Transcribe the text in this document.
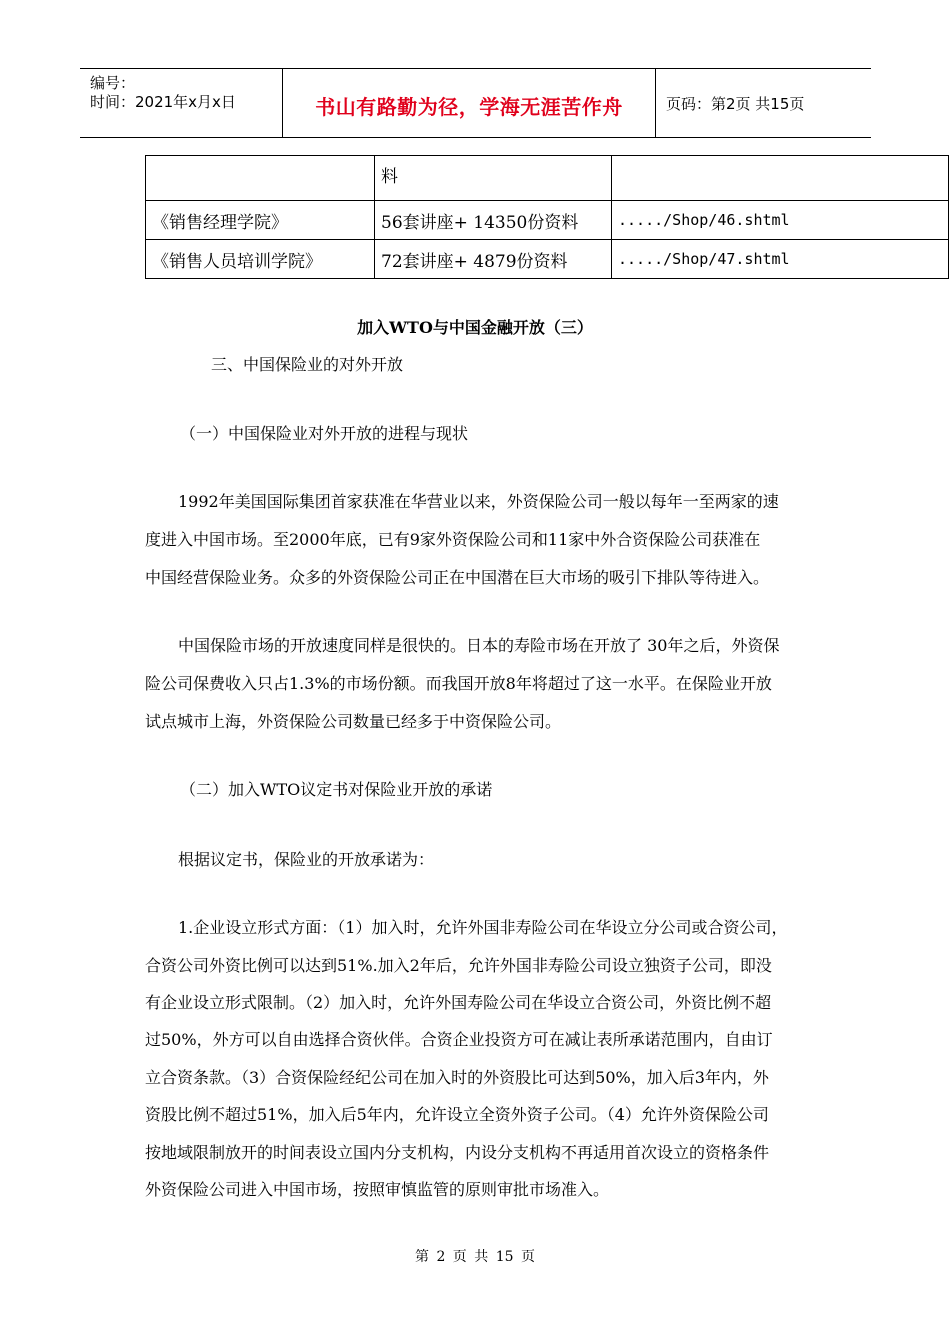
编号：
时间：2021年x月x日	书山有路勤为径，学海无涯苦作舟	页码：第2页 共15页
	料	
《销售经理学院》	56套讲座+ 14350份资料	...../Shop/46.shtml
《销售人员培训学院》	72套讲座+ 4879份资料	...../Shop/47.shtml
加入WTO与中国金融开放（三）
三、中国保险业的对外开放
（一）中国保险业对外开放的进程与现状
1992年美国国际集团首家获准在华营业以来，外资保险公司一般以每年一至两家的速
度进入中国市场。至2000年底，已有9家外资保险公司和11家中外合资保险公司获准在
中国经营保险业务。众多的外资保险公司正在中国潜在巨大市场的吸引下排队等待进入。
中国保险市场的开放速度同样是很快的。日本的寿险市场在开放了 30年之后，外资保
险公司保费收入只占1.3%的市场份额。而我国开放8年将超过了这一水平。在保险业开放
试点城市上海，外资保险公司数量已经多于中资保险公司。
（二）加入WTO议定书对保险业开放的承诺
根据议定书，保险业的开放承诺为：
1.企业设立形式方面：（1）加入时，允许外国非寿险公司在华设立分公司或合资公司，
合资公司外资比例可以达到51%.加入2年后，允许外国非寿险公司设立独资子公司，即没
有企业设立形式限制。（2）加入时，允许外国寿险公司在华设立合资公司，外资比例不超
过50%，外方可以自由选择合资伙伴。合资企业投资方可在减让表所承诺范围内，自由订
立合资条款。（3）合资保险经纪公司在加入时的外资股比可达到50%，加入后3年内，外
资股比例不超过51%，加入后5年内，允许设立全资外资子公司。（4）允许外资保险公司
按地域限制放开的时间表设立国内分支机构，内设分支机构不再适用首次设立的资格条件
外资保险公司进入中国市场，按照审慎监管的原则审批市场准入。
第 2 页 共 15 页
